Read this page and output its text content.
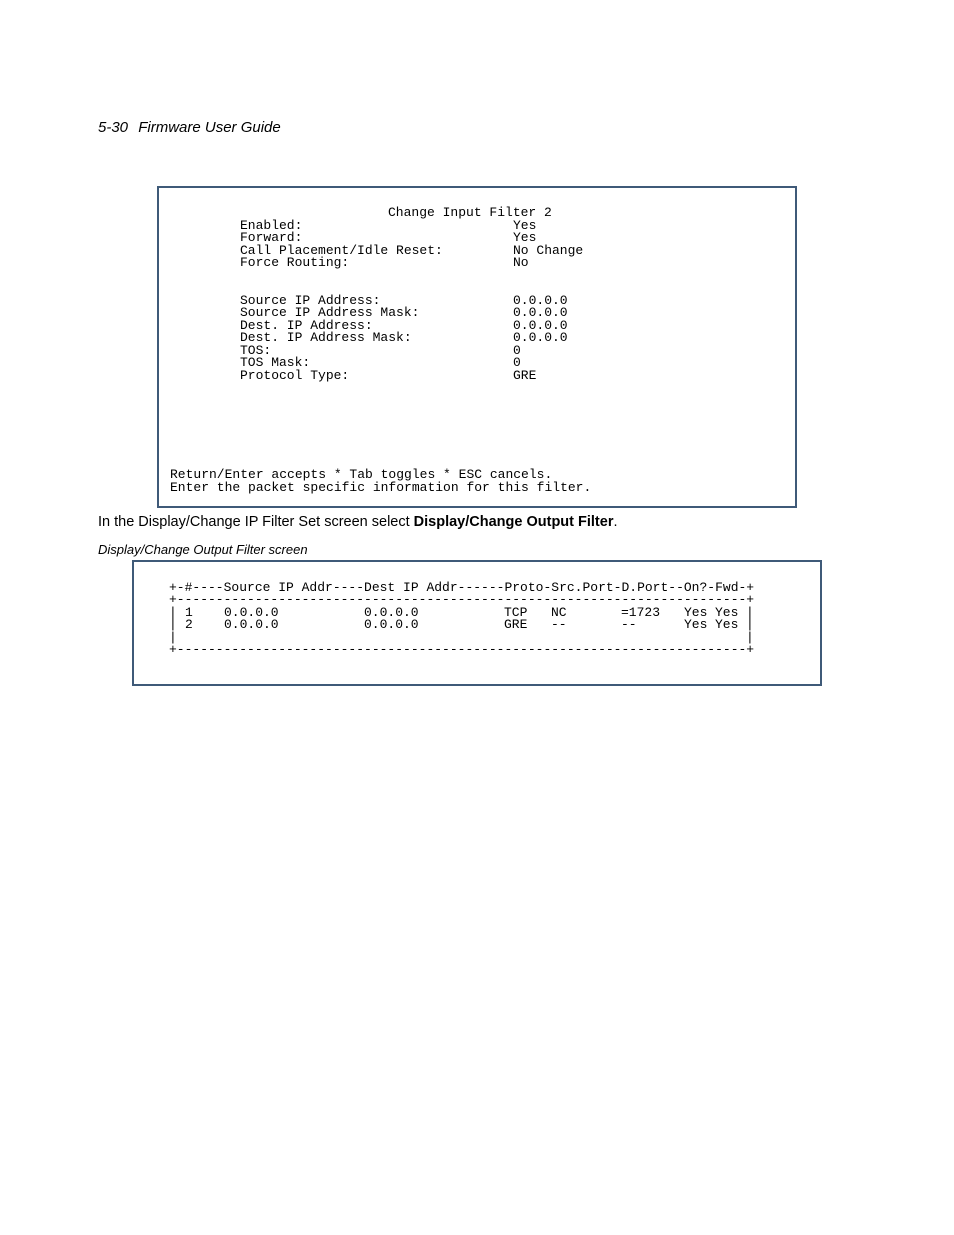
5-30 Firmware User Guide
Change Input Filter 2
Enabled:	Yes
Forward:	Yes
Call Placement/Idle Reset:	No Change
Force Routing:	No
Source IP Address:	0.0.0.0
Source IP Address Mask:	0.0.0.0
Dest. IP Address:	0.0.0.0
Dest. IP Address Mask:	0.0.0.0
TOS:	0
TOS Mask:	0
Protocol Type:	GRE
Return/Enter accepts * Tab toggles * ESC cancels.
Enter the packet specific information for this filter.
In the Display/Change IP Filter Set screen select Display/Change Output Filter.
Display/Change Output Filter screen
+-#----Source IP Addr----Dest IP Addr------Proto-Src.Port-D.Port--On?-Fwd-+
+-------------------------------------------------------------------------+
| 1 0.0.0.0	0.0.0.0	TCP NC	=1723 Yes Yes |
| 2 0.0.0.0	0.0.0.0	GRE --	--	Yes Yes |
|	|
+-------------------------------------------------------------------------+
